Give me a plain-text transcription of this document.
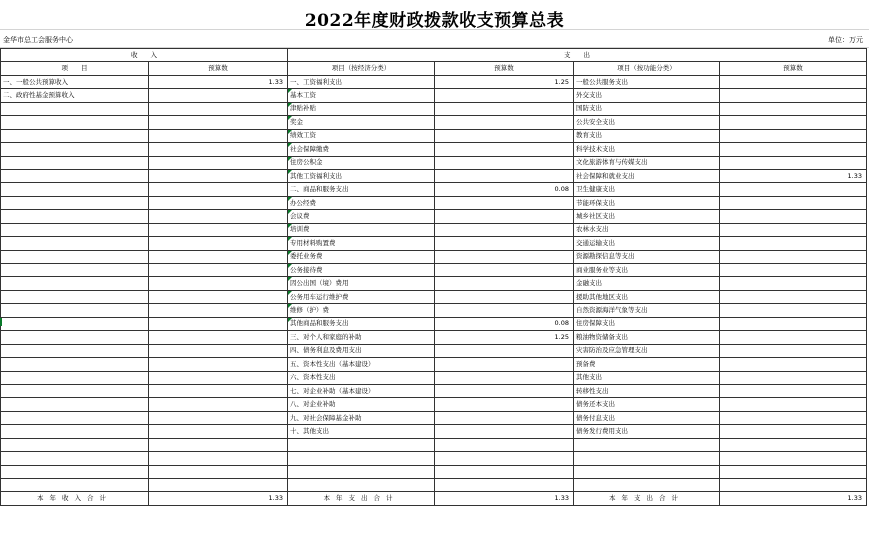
2022年度财政拨款收支预算总表
金华市总工会服务中心	单位：万元
收　　入		支　　出			
项　　目	预算数	项目（按经济分类）	预算数	项目（按功能分类）	预算数
一、一般公共预算收入	1.33	一、工资福利支出	1.25	一般公共服务支出	
二、政府性基金预算收入		基本工资		外交支出	
		津贴补贴		国防支出	
		奖金		公共安全支出	
		绩效工资		教育支出	
		社会保障缴费		科学技术支出	
		住房公积金		文化旅游体育与传媒支出	
		其他工资福利支出		社会保障和就业支出	1.33
		二、商品和服务支出	0.08	卫生健康支出	
		办公经费		节能环保支出	
		会议费		城乡社区支出	
		培训费		农林水支出	
		专用材料购置费		交通运输支出	
		委托业务费		资源勘探信息等支出	
		公务接待费		商业服务业等支出	
		因公出国（境）费用		金融支出	
		公务用车运行维护费		援助其他地区支出	
		维修（护）费		自然资源海洋气象等支出	
		其他商品和服务支出	0.08	住房保障支出	
		三、对个人和家庭的补助	1.25	粮油物资储备支出	
		四、债务利息及费用支出		灾害防治及应急管理支出	
		五、资本性支出（基本建设）		预备费	
		六、资本性支出		其他支出	
		七、对企业补助（基本建设）		转移性支出	
		八、对企业补助		债务还本支出	
		九、对社会保障基金补助		债务付息支出	
		十、其他支出		债务发行费用支出	

本年收入合计	1.33	本年支出合计	1.33	本年支出合计	1.33
